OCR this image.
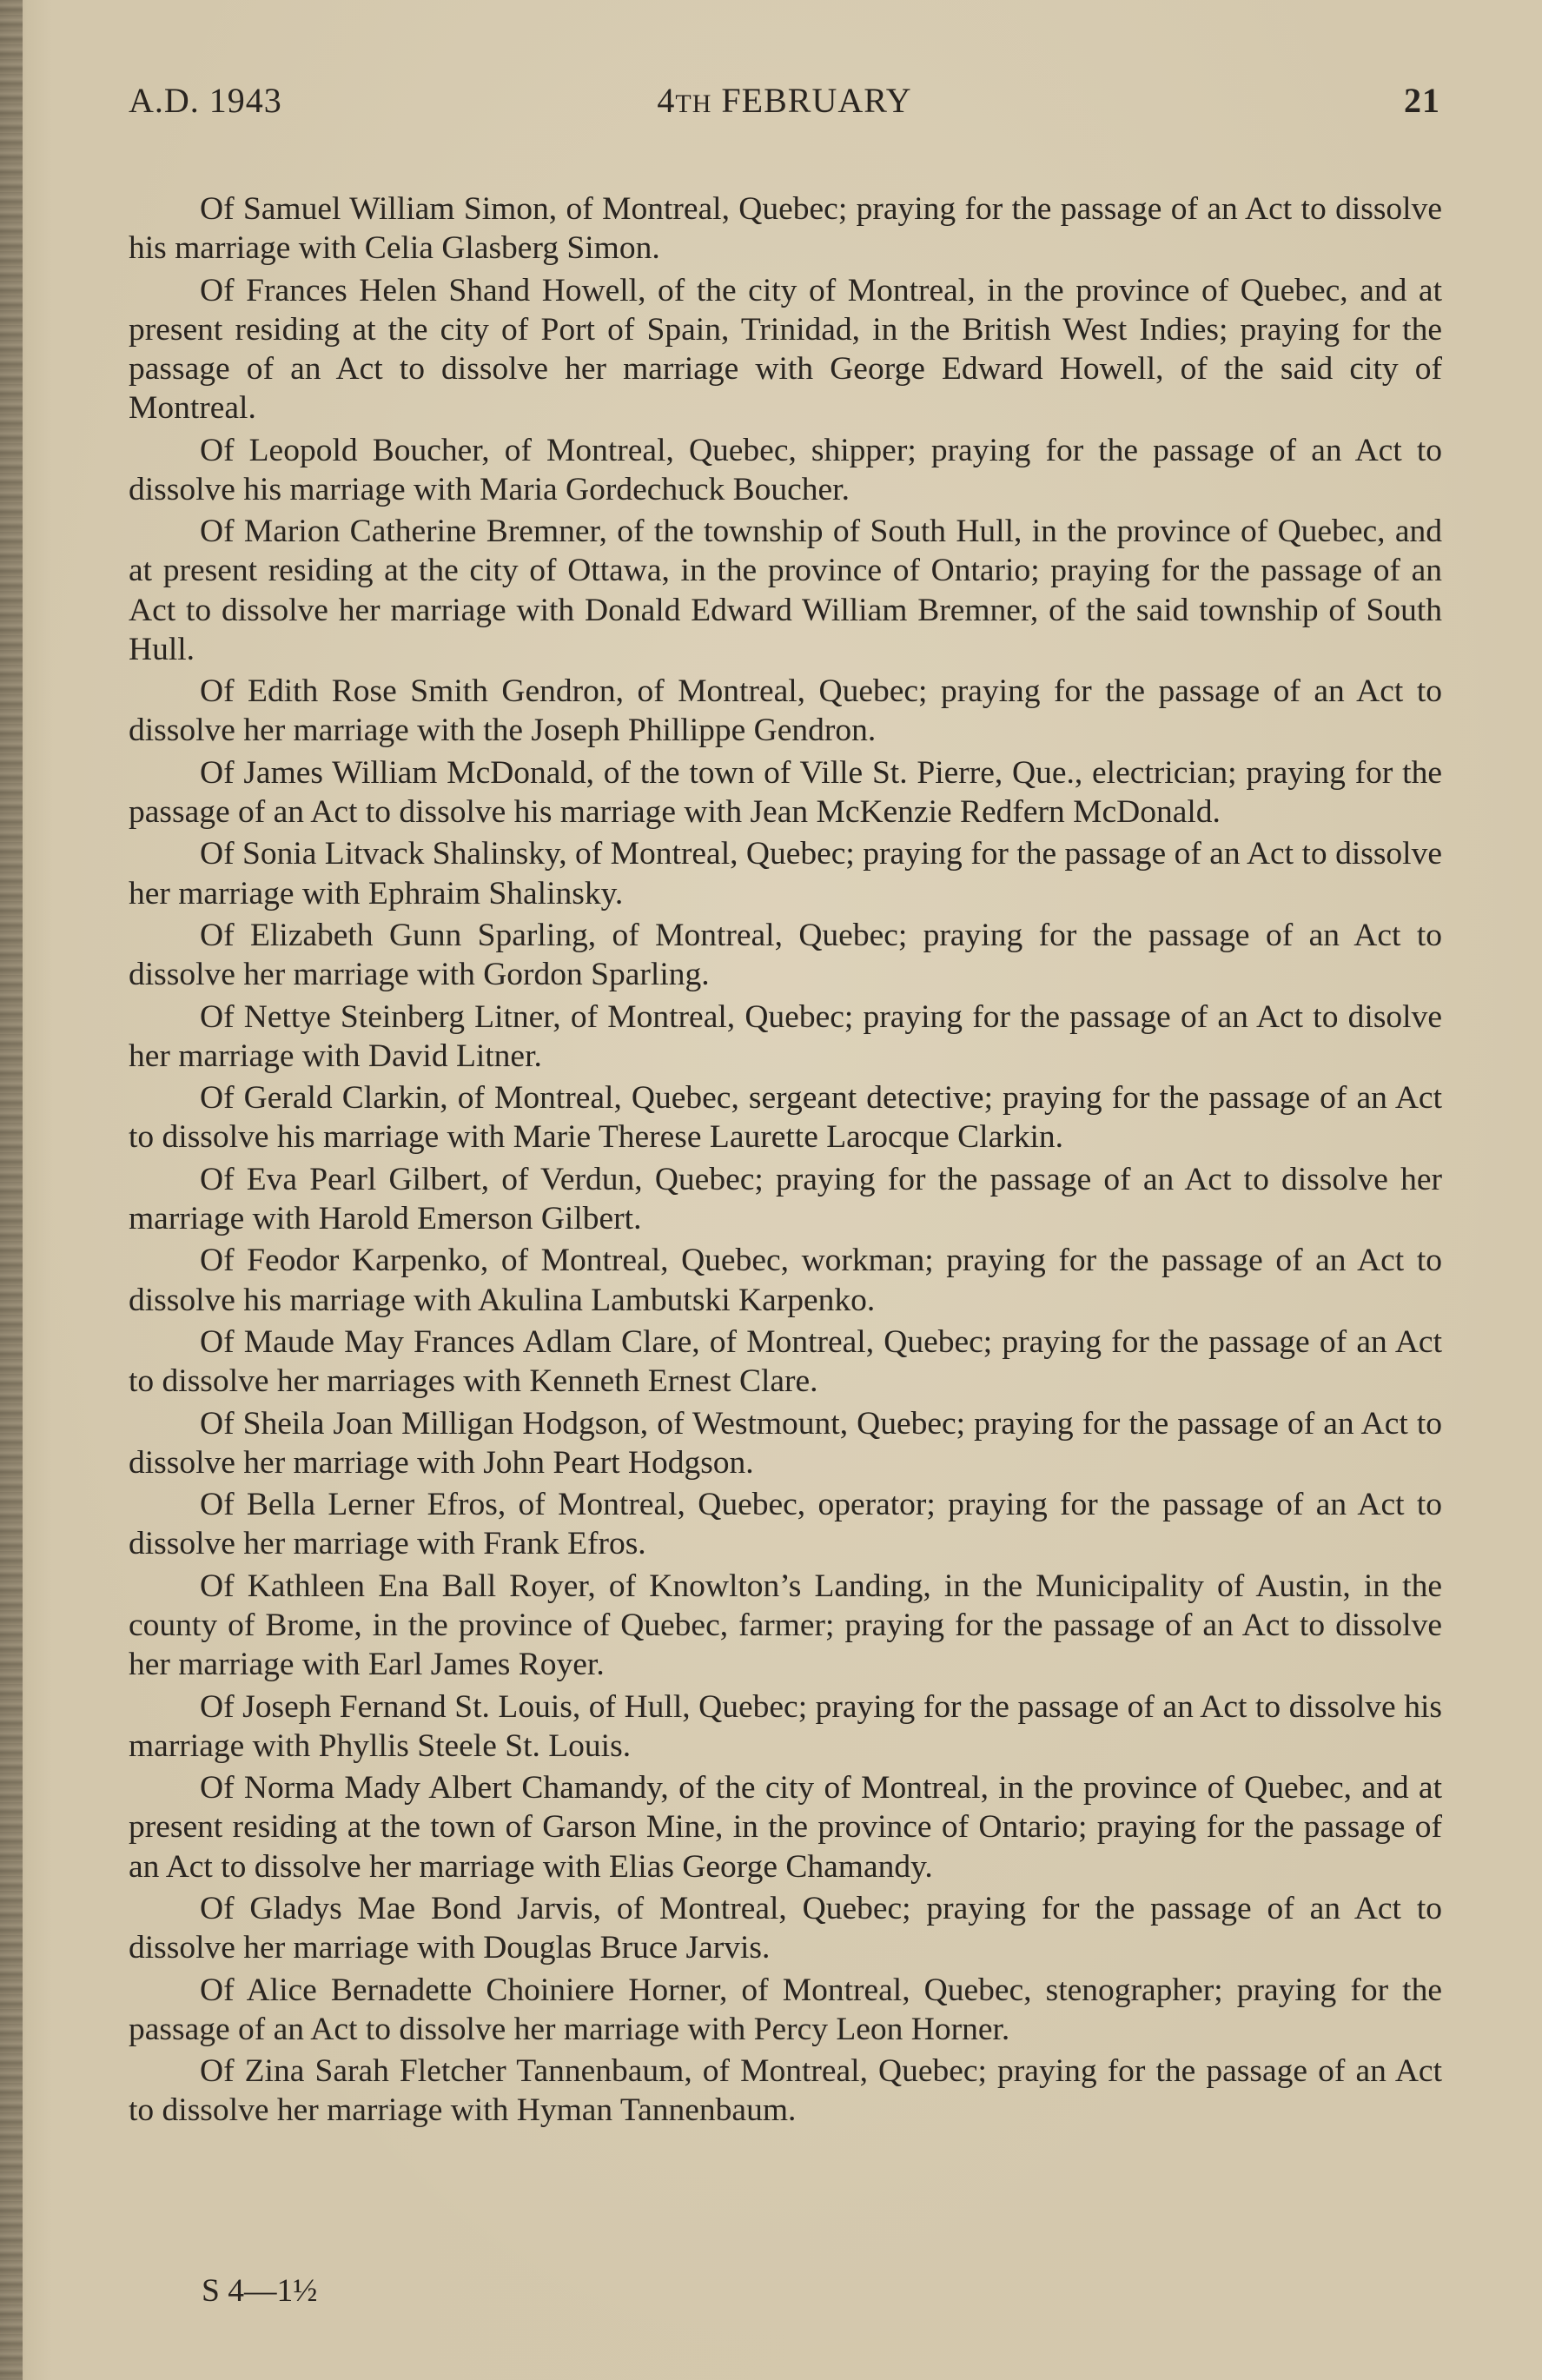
A.D. 1943	4TH FEBRUARY	21

Of Samuel William Simon, of Montreal, Quebec; praying for the passage of an Act to dissolve his marriage with Celia Glasberg Simon.

Of Frances Helen Shand Howell, of the city of Montreal, in the province of Quebec, and at present residing at the city of Port of Spain, Trinidad, in the British West Indies; praying for the passage of an Act to dissolve her marriage with George Edward Howell, of the said city of Montreal.

Of Leopold Boucher, of Montreal, Quebec, shipper; praying for the passage of an Act to dissolve his marriage with Maria Gordechuck Boucher.

Of Marion Catherine Bremner, of the township of South Hull, in the province of Quebec, and at present residing at the city of Ottawa, in the province of Ontario; praying for the passage of an Act to dissolve her marriage with Donald Edward William Bremner, of the said township of South Hull.

Of Edith Rose Smith Gendron, of Montreal, Quebec; praying for the passage of an Act to dissolve her marriage with the Joseph Phillippe Gendron.

Of James William McDonald, of the town of Ville St. Pierre, Que., electrician; praying for the passage of an Act to dissolve his marriage with Jean McKenzie Redfern McDonald.

Of Sonia Litvack Shalinsky, of Montreal, Quebec; praying for the passage of an Act to dissolve her marriage with Ephraim Shalinsky.

Of Elizabeth Gunn Sparling, of Montreal, Quebec; praying for the passage of an Act to dissolve her marriage with Gordon Sparling.

Of Nettye Steinberg Litner, of Montreal, Quebec; praying for the passage of an Act to disolve her marriage with David Litner.

Of Gerald Clarkin, of Montreal, Quebec, sergeant detective; praying for the passage of an Act to dissolve his marriage with Marie Therese Laurette Larocque Clarkin.

Of Eva Pearl Gilbert, of Verdun, Quebec; praying for the passage of an Act to dissolve her marriage with Harold Emerson Gilbert.

Of Feodor Karpenko, of Montreal, Quebec, workman; praying for the passage of an Act to dissolve his marriage with Akulina Lambutski Karpenko.

Of Maude May Frances Adlam Clare, of Montreal, Quebec; praying for the passage of an Act to dissolve her marriages with Kenneth Ernest Clare.

Of Sheila Joan Milligan Hodgson, of Westmount, Quebec; praying for the passage of an Act to dissolve her marriage with John Peart Hodgson.

Of Bella Lerner Efros, of Montreal, Quebec, operator; praying for the passage of an Act to dissolve her marriage with Frank Efros.

Of Kathleen Ena Ball Royer, of Knowlton’s Landing, in the Municipality of Austin, in the county of Brome, in the province of Quebec, farmer; praying for the passage of an Act to dissolve her marriage with Earl James Royer.

Of Joseph Fernand St. Louis, of Hull, Quebec; praying for the passage of an Act to dissolve his marriage with Phyllis Steele St. Louis.

Of Norma Mady Albert Chamandy, of the city of Montreal, in the province of Quebec, and at present residing at the town of Garson Mine, in the province of Ontario; praying for the passage of an Act to dissolve her marriage with Elias George Chamandy.

Of Gladys Mae Bond Jarvis, of Montreal, Quebec; praying for the passage of an Act to dissolve her marriage with Douglas Bruce Jarvis.

Of Alice Bernadette Choiniere Horner, of Montreal, Quebec, stenographer; praying for the passage of an Act to dissolve her marriage with Percy Leon Horner.

Of Zina Sarah Fletcher Tannenbaum, of Montreal, Quebec; praying for the passage of an Act to dissolve her marriage with Hyman Tannenbaum.

S 4—1½
